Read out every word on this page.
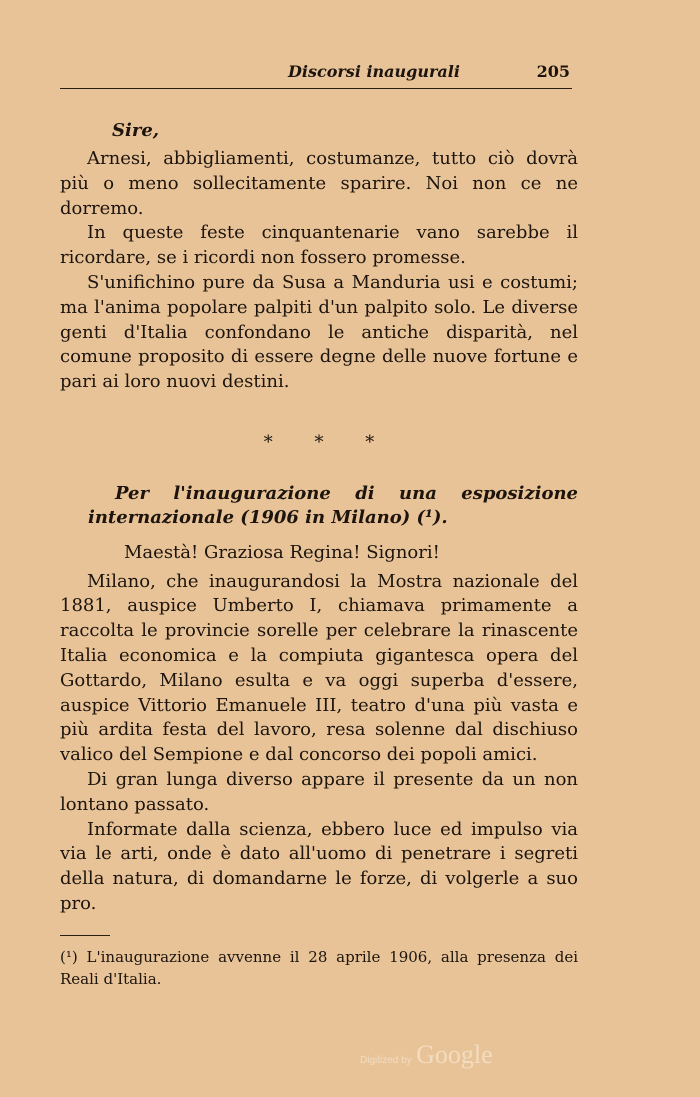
Discorsi inaugurali	205
Sire,

Arnesi, abbigliamenti, costumanze, tutto ciò dovrà più o meno sollecitamente sparire. Noi non ce ne dorremo.

In queste feste cinquantenarie vano sarebbe il ricordare, se i ricordi non fossero promesse.

S'unifichino pure da Susa a Manduria usi e costumi; ma l'anima popolare palpiti d'un palpito solo. Le diverse genti d'Italia confondano le antiche disparità, nel comune proposito di essere degne delle nuove fortune e pari ai loro nuovi destini.

* * *

Per l'inaugurazione di una esposizione internazionale (1906 in Milano) (¹).

Maestà! Graziosa Regina! Signori!

Milano, che inaugurandosi la Mostra nazionale del 1881, auspice Umberto I, chiamava primamente a raccolta le provincie sorelle per celebrare la rinascente Italia economica e la compiuta gigantesca opera del Gottardo, Milano esulta e va oggi superba d'essere, auspice Vittorio Emanuele III, teatro d'una più vasta e più ardita festa del lavoro, resa solenne dal dischiuso valico del Sempione e dal concorso dei popoli amici.

Di gran lunga diverso appare il presente da un non lontano passato.

Informate dalla scienza, ebbero luce ed impulso via via le arti, onde è dato all'uomo di penetrare i segreti della natura, di domandarne le forze, di volgerle a suo pro.

(¹) L'inaugurazione avvenne il 28 aprile 1906, alla presenza dei Reali d'Italia.
Digitized by Google
